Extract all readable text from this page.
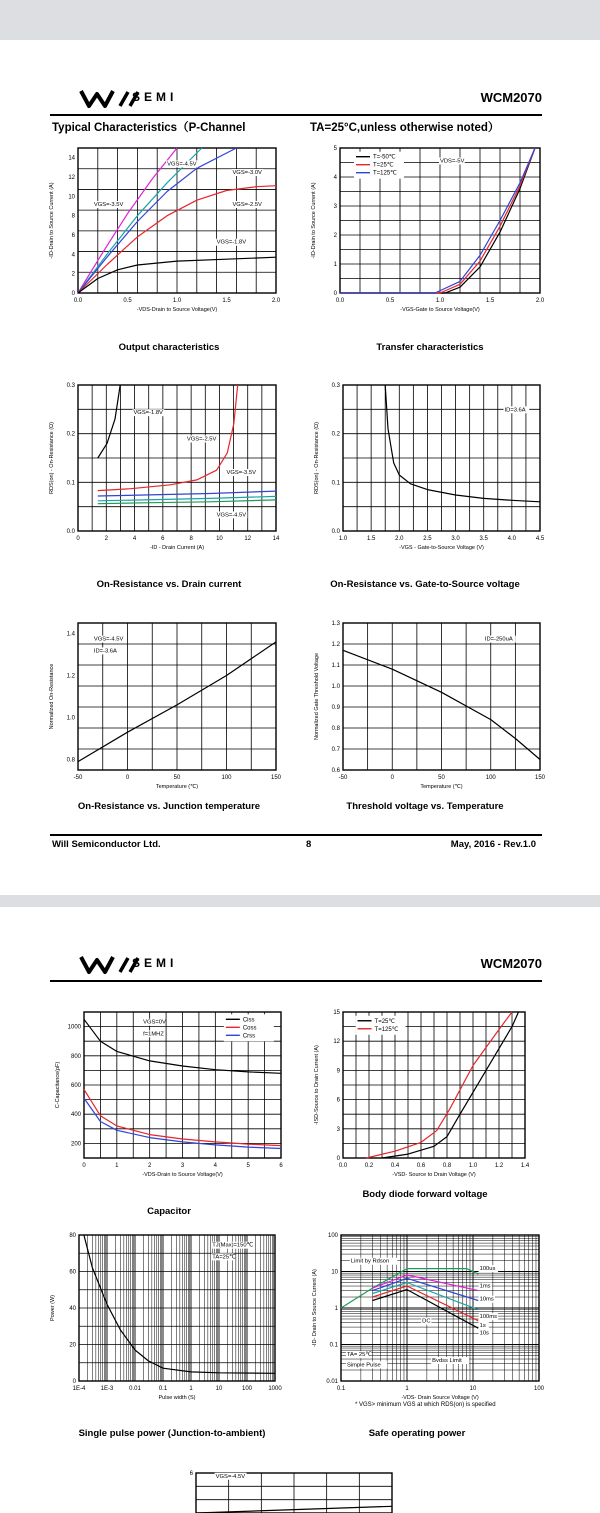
SEMI	WCM2070
Typical Characteristics（P-Channel	TA=25°C,unless otherwise noted）
0.0	0.5	1.0	1.5	2.0
0
2
4
6
8
10
12
14
-VDS-Drain to Source Voltage(V)
-ID-Drain to Source Current (A)
VGS=-4.5V
VGS=-3.0V
VGS=-3.5V	VGS=-2.5V
VGS=-1.8V
0.0	0.5	1.0	1.5	2.0
0
1
2
3
4
5
-VGS-Gate to Source Voltage(V)
-ID-Drain to Source Current (A)
T=-50℃
T=25℃
T=125℃
VDS=-5V
Output characteristics	Transfer characteristics
0	2	4	6	8	10	12	14
0.0
0.1
0.2
0.3
-ID - Drain Current (A)
RDS(on) - On-Resistance (Ω)
VGS=-1.8V
VGS=-2.5V
VGS=-3.5V
VGS=-4.5V
1.0	1.5	2.0	2.5	3.0	3.5	4.0	4.5
0.0
0.1
0.2
0.3
-VGS - Gate-to-Source Voltage (V)
RDS(on) - On-Resistance (Ω)
ID=3.6A
On-Resistance vs. Drain current	On-Resistance vs. Gate-to-Source voltage
-50	0	50	100	150
0.8
1.0
1.2
1.4
Temperature (℃)
Normalized On-Resistance
VGS=-4.5V
ID=-3.6A
-50	0	50	100	150
0.6
0.7
0.8
0.9
1.0
1.1
1.2
1.3
Temperature (℃)
Normalized Gate Threshold Voltage
ID=-250uA
On-Resistance vs. Junction temperature	Threshold voltage vs. Temperature
Will Semiconductor Ltd.	8	May, 2016 - Rev.1.0
SEMI	WCM2070
0	1	2	3	4	5	6
200
400
600
800
1000
-VDS-Drain to Source Voltage(V)
C-Capacitance(pF)
Ciss
Coss
Crss
VGS=0V
f=1MHZ
0.0	0.2	0.4	0.6	0.8	1.0	1.2	1.4
0
3
6
9
12
15
-VSD- Source to Drain Voltage (V)
-ISD-Source to Drain Current (A)
T=25℃
T=125℃
Capacitor
Body diode forward voltage
1E-4	1E-3	0.01	0.1	1	10	100	1000
0
20
40
60
80
Pulse width (S)
Power (W)
TJ(Max)=150℃
TA=25℃
0.1	1	10	100
0.01
0.1
1
10
100
-VDS- Drain Source Voltage (V)
-ID- Drain to Source Current (A)
Limit by Rdson
100us
1ms
10ms
100ms
1s
10s
DC
TA= 25℃
Simple Pulse
Bvdss Limit
Single pulse power (Junction-to-ambient)	Safe operating power
* VGS> minimum VGS at which RDS(on) is specified
6	VGS=-4.5V
